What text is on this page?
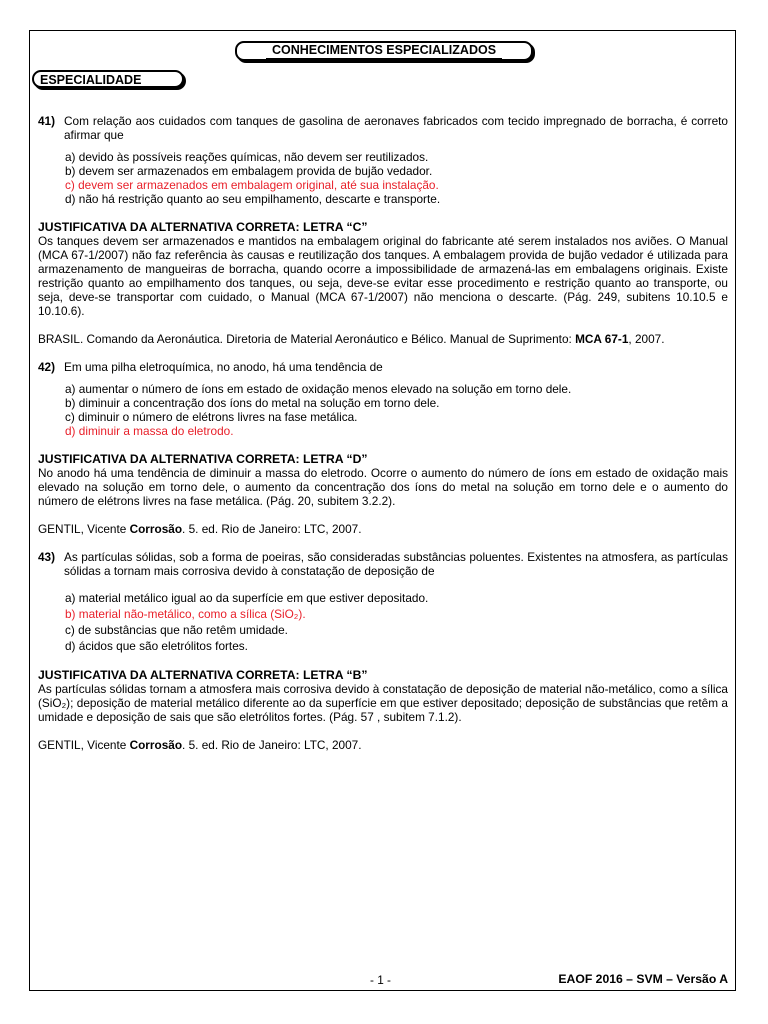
CONHECIMENTOS ESPECIALIZADOS
ESPECIALIDADE
41) Com relação aos cuidados com tanques de gasolina de aeronaves fabricados com tecido impregnado de borracha, é correto afirmar que

a) devido às possíveis reações químicas, não devem ser reutilizados.

b) devem ser armazenados em embalagem provida de bujão vedador.

c) devem ser armazenados em embalagem original, até sua instalação.

d) não há restrição quanto ao seu empilhamento, descarte e transporte.

JUSTIFICATIVA DA ALTERNATIVA CORRETA: LETRA “C”

Os tanques devem ser armazenados e mantidos na embalagem original do fabricante até serem instalados nos aviões. O Manual (MCA 67-1/2007) não faz referência às causas e reutilização dos tanques. A embalagem provida de bujão vedador é utilizada para armazenamento de mangueiras de borracha, quando ocorre a impossibilidade de armazená-las em embalagens originais. Existe restrição quanto ao empilhamento dos tanques, ou seja, deve-se evitar esse procedimento e restrição quanto ao transporte, ou seja, deve-se transportar com cuidado, o Manual (MCA 67-1/2007) não menciona o descarte. (Pág. 249, subitens 10.10.5 e 10.10.6).

BRASIL. Comando da Aeronáutica. Diretoria de Material Aeronáutico e Bélico. Manual de Suprimento: MCA 67-1, 2007.

42) Em uma pilha eletroquímica, no anodo, há uma tendência de

a) aumentar o número de íons em estado de oxidação menos elevado na solução em torno dele.

b) diminuir a concentração dos íons do metal na solução em torno dele.

c) diminuir o número de elétrons livres na fase metálica.

d) diminuir a massa do eletrodo.

JUSTIFICATIVA DA ALTERNATIVA CORRETA: LETRA “D”

No anodo há uma tendência de diminuir a massa do eletrodo. Ocorre o aumento do número de íons em estado de oxidação mais elevado na solução em torno dele, o aumento da concentração dos íons do metal na solução em torno dele e o aumento do número de elétrons livres na fase metálica. (Pág. 20, subitem 3.2.2).

GENTIL, Vicente Corrosão. 5. ed. Rio de Janeiro: LTC, 2007.

43) As partículas sólidas, sob a forma de poeiras, são consideradas substâncias poluentes. Existentes na atmosfera, as partículas sólidas a tornam mais corrosiva devido à constatação de deposição de

a) material metálico igual ao da superfície em que estiver depositado.

b) material não-metálico, como a sílica (SiO₂).

c) de substâncias que não retêm umidade.

d) ácidos que são eletrólitos fortes.

JUSTIFICATIVA DA ALTERNATIVA CORRETA: LETRA “B”

As partículas sólidas tornam a atmosfera mais corrosiva devido à constatação de deposição de material não-metálico, como a sílica (SiO₂); deposição de material metálico diferente ao da superfície em que estiver depositado; deposição de substâncias que retêm a umidade e deposição de sais que são eletrólitos fortes. (Pág. 57 , subitem 7.1.2).

GENTIL, Vicente Corrosão. 5. ed. Rio de Janeiro: LTC, 2007.

- 1 -	EAOF 2016 – SVM – Versão A
